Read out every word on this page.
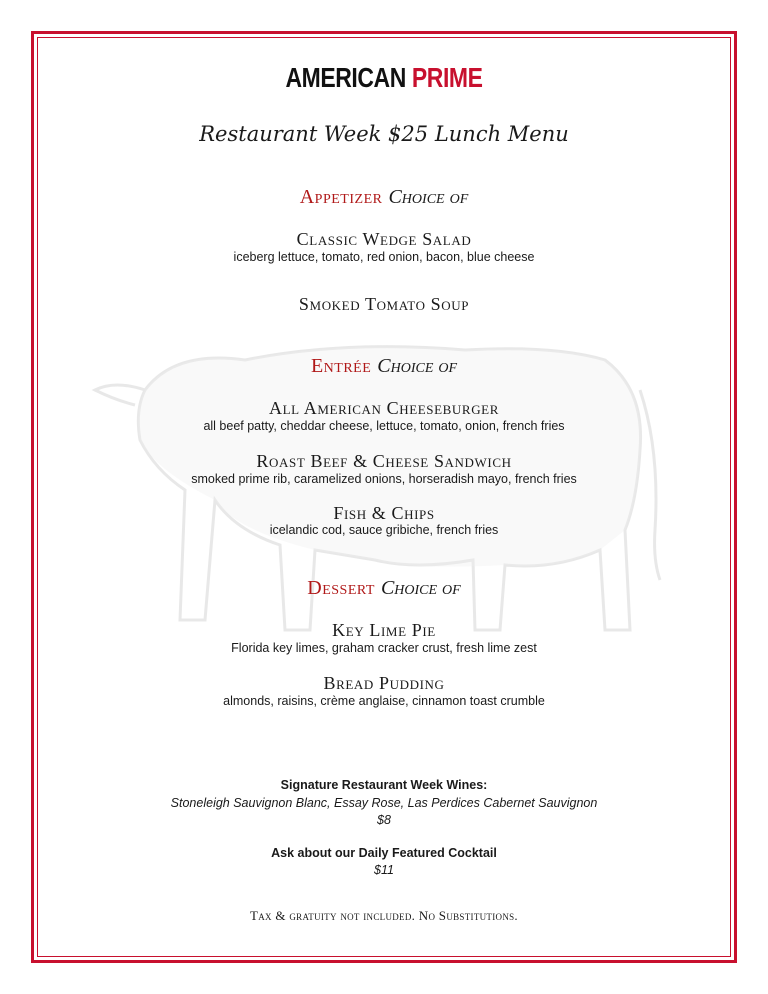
AMERICAN PRIME
Restaurant Week $25 Lunch Menu
Appetizer Choice of
Classic Wedge Salad
iceberg lettuce, tomato, red onion, bacon, blue cheese
Smoked Tomato Soup
Entrée Choice of
All American Cheeseburger
all beef patty, cheddar cheese, lettuce, tomato, onion, french fries
Roast Beef & Cheese Sandwich
smoked prime rib, caramelized onions, horseradish mayo, french fries
Fish & Chips
icelandic cod, sauce gribiche, french fries
Dessert Choice of
Key Lime Pie
Florida key limes, graham cracker crust, fresh lime zest
Bread Pudding
almonds, raisins, crème anglaise, cinnamon toast crumble
Signature Restaurant Week Wines:
Stoneleigh Sauvignon Blanc, Essay Rose, Las Perdices Cabernet Sauvignon
$8
Ask about our Daily Featured Cocktail
$11
Tax & gratuity not included. No Substitutions.
